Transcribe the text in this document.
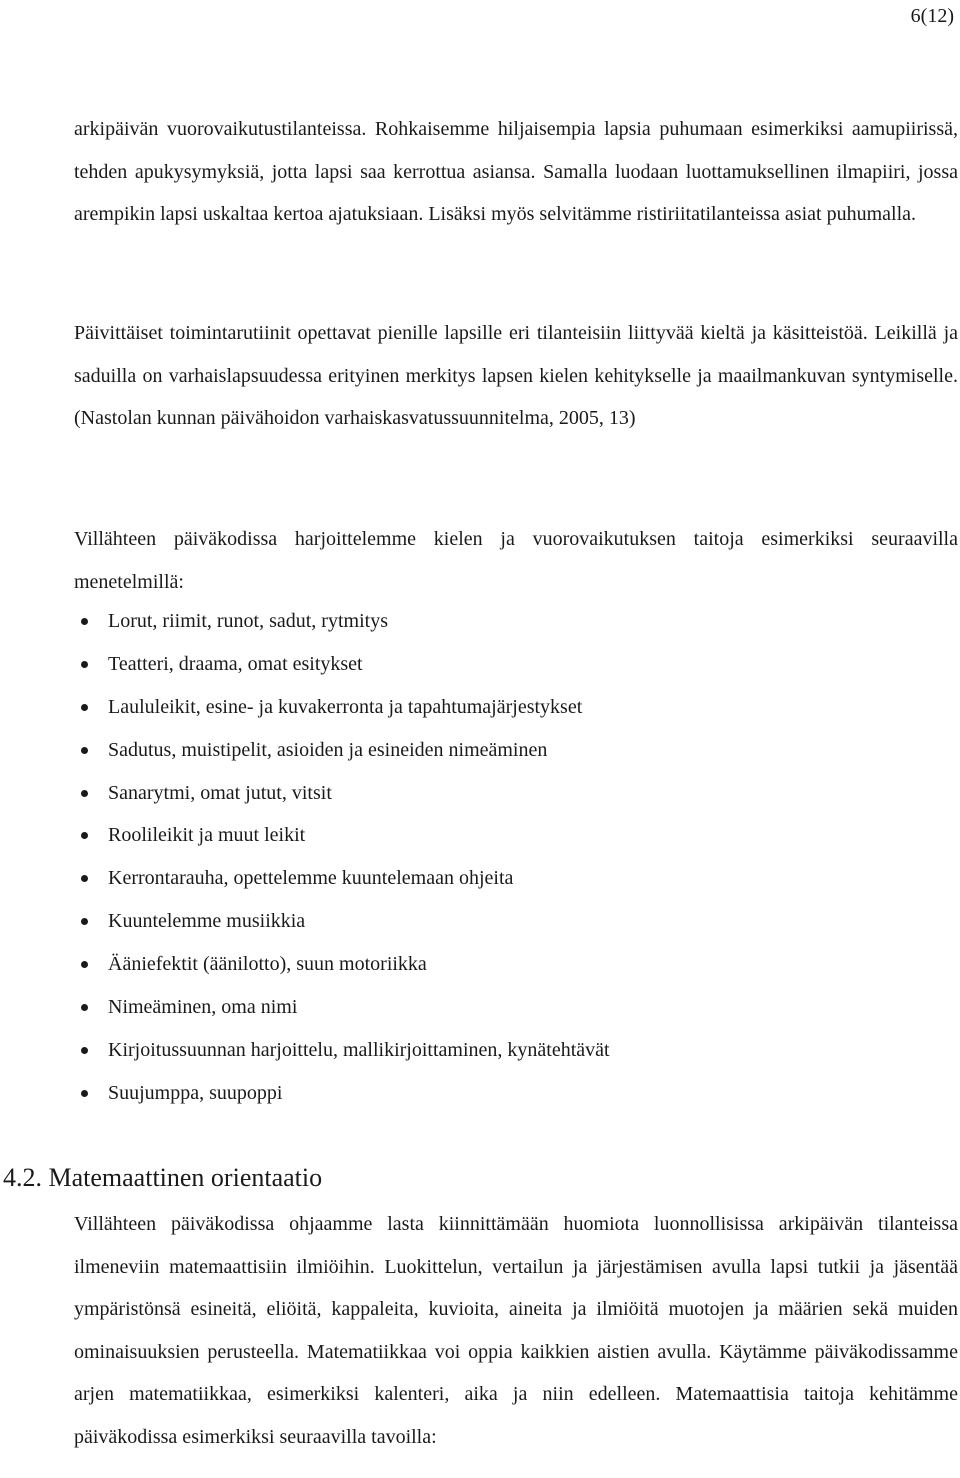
6(12)

arkipäivän vuorovaikutustilanteissa. Rohkaisemme hiljaisempia lapsia puhumaan esimerkiksi aamupiirissä, tehden apukysymyksiä, jotta lapsi saa kerrottua asiansa. Samalla luodaan luottamuksellinen ilmapiiri, jossa arempikin lapsi uskaltaa kertoa ajatuksiaan. Lisäksi myös selvitämme ristiriitatilanteissa asiat puhumalla.

Päivittäiset toimintarutiinit opettavat pienille lapsille eri tilanteisiin liittyvää kieltä ja käsitteistöä. Leikillä ja saduilla on varhaislapsuudessa erityinen merkitys lapsen kielen kehitykselle ja maailmankuvan syntymiselle. (Nastolan kunnan päivähoidon varhaiskasvatussuunnitelma, 2005, 13)

Villähteen päiväkodissa harjoittelemme kielen ja vuorovaikutuksen taitoja esimerkiksi seuraavilla menetelmillä:

Lorut, riimit, runot, sadut, rytmitys
Teatteri, draama, omat esitykset
Laululeikit, esine- ja kuvakerronta ja tapahtumajärjestykset
Sadutus, muistipelit, asioiden ja esineiden nimeäminen
Sanarytmi, omat jutut, vitsit
Roolileikit ja muut leikit
Kerrontarauha, opettelemme kuuntelemaan ohjeita
Kuuntelemme musiikkia
Ääniefektit (äänilotto), suun motoriikka
Nimeäminen, oma nimi
Kirjoitussuunnan harjoittelu, mallikirjoittaminen, kynätehtävät
Suujumppa, suupoppi
4.2. Matemaattinen orientaatio

Villähteen päiväkodissa ohjaamme lasta kiinnittämään huomiota luonnollisissa arkipäivän tilanteissa ilmeneviin matemaattisiin ilmiöihin. Luokittelun, vertailun ja järjestämisen avulla lapsi tutkii ja jäsentää ympäristönsä esineitä, eliöitä, kappaleita, kuvioita, aineita ja ilmiöitä muotojen ja määrien sekä muiden ominaisuuksien perusteella. Matematiikkaa voi oppia kaikkien aistien avulla. Käytämme päiväkodissamme arjen matematiikkaa, esimerkiksi kalenteri, aika ja niin edelleen. Matemaattisia taitoja kehitämme päiväkodissa esimerkiksi seuraavilla tavoilla:
